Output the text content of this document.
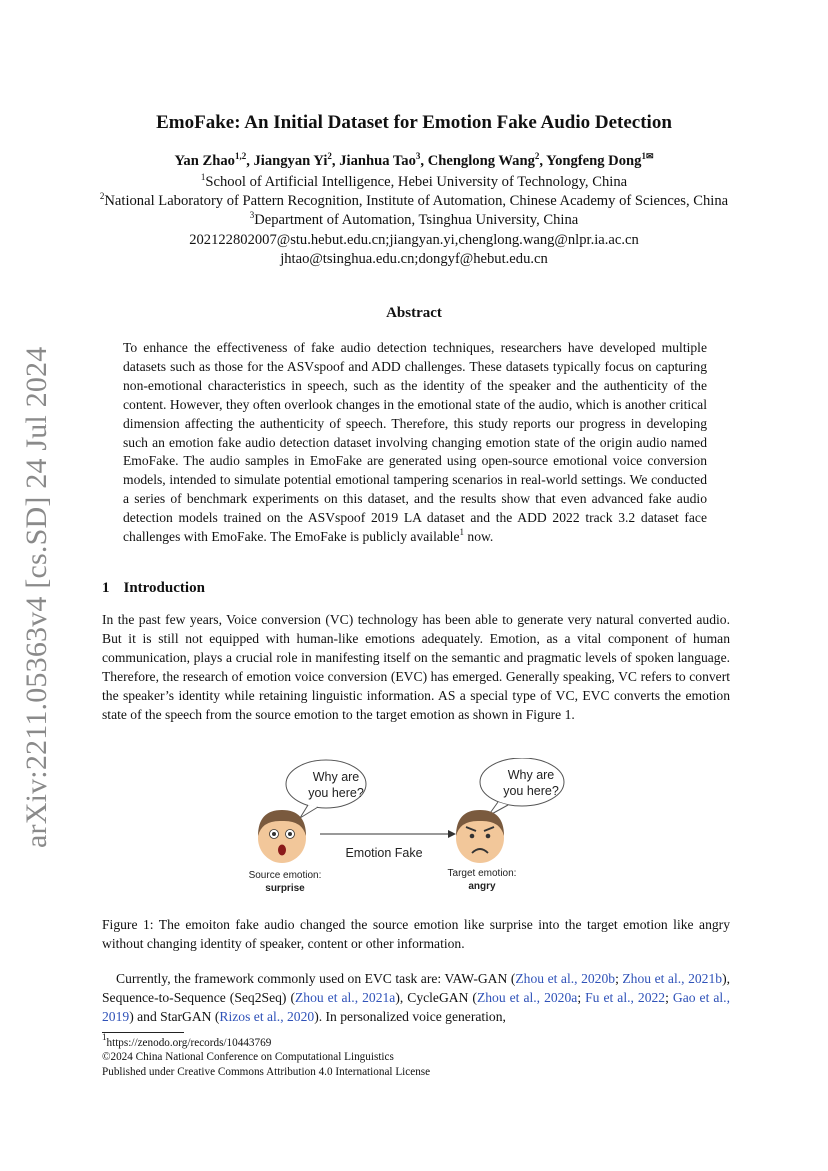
arXiv:2211.05363v4 [cs.SD] 24 Jul 2024
EmoFake: An Initial Dataset for Emotion Fake Audio Detection
Yan Zhao$^{1,2}$, Jiangyan Yi$^2$, Jianhua Tao$^3$, Chenglong Wang$^2$, Yongfeng Dong$^{1✉}$
$^1$School of Artificial Intelligence, Hebei University of Technology, China
$^2$National Laboratory of Pattern Recognition, Institute of Automation, Chinese Academy of Sciences, China
$^3$Department of Automation, Tsinghua University, China
202122802007@stu.hebut.edu.cn;jiangyan.yi,chenglong.wang@nlpr.ia.ac.cn
jhtao@tsinghua.edu.cn;dongyf@hebut.edu.cn
Abstract
To enhance the effectiveness of fake audio detection techniques, researchers have developed multiple datasets such as those for the ASVspoof and ADD challenges. These datasets typically focus on capturing non-emotional characteristics in speech, such as the identity of the speaker and the authenticity of the content. However, they often overlook changes in the emotional state of the audio, which is another critical dimension affecting the authenticity of speech. Therefore, this study reports our progress in developing such an emotion fake audio detection dataset involving changing emotion state of the origin audio named EmoFake. The audio samples in EmoFake are generated using open-source emotional voice conversion models, intended to simulate potential emotional tampering scenarios in real-world settings. We conducted a series of benchmark experiments on this dataset, and the results show that even advanced fake audio detection models trained on the ASVspoof 2019 LA dataset and the ADD 2022 track 3.2 dataset face challenges with EmoFake. The EmoFake is publicly available$^1$ now.
1 Introduction
In the past few years, Voice conversion (VC) technology has been able to generate very natural converted audio. But it is still not equipped with human-like emotions adequately. Emotion, as a vital component of human communication, plays a crucial role in manifesting itself on the semantic and pragmatic levels of spoken language. Therefore, the research of emotion voice conversion (EVC) has emerged. Generally speaking, VC refers to convert the speaker’s identity while retaining linguistic information. AS a special type of VC, EVC converts the emotion state of the speech from the source emotion to the target emotion as shown in Figure 1.
Why are
you here?
Why are
you here?
Emotion Fake
Source emotion:
surprise
Target emotion:
angry
Figure 1: The emoiton fake audio changed the source emotion like surprise into the target emotion like angry without changing identity of speaker, content or other information.
Currently, the framework commonly used on EVC task are: VAW-GAN (Zhou et al., 2020b; Zhou et al., 2021b), Sequence-to-Sequence (Seq2Seq) (Zhou et al., 2021a), CycleGAN (Zhou et al., 2020a; Fu et al., 2022; Gao et al., 2019) and StarGAN (Rizos et al., 2020). In personalized voice generation,
$^1$https://zenodo.org/records/10443769
©2024 China National Conference on Computational Linguistics
Published under Creative Commons Attribution 4.0 International License
